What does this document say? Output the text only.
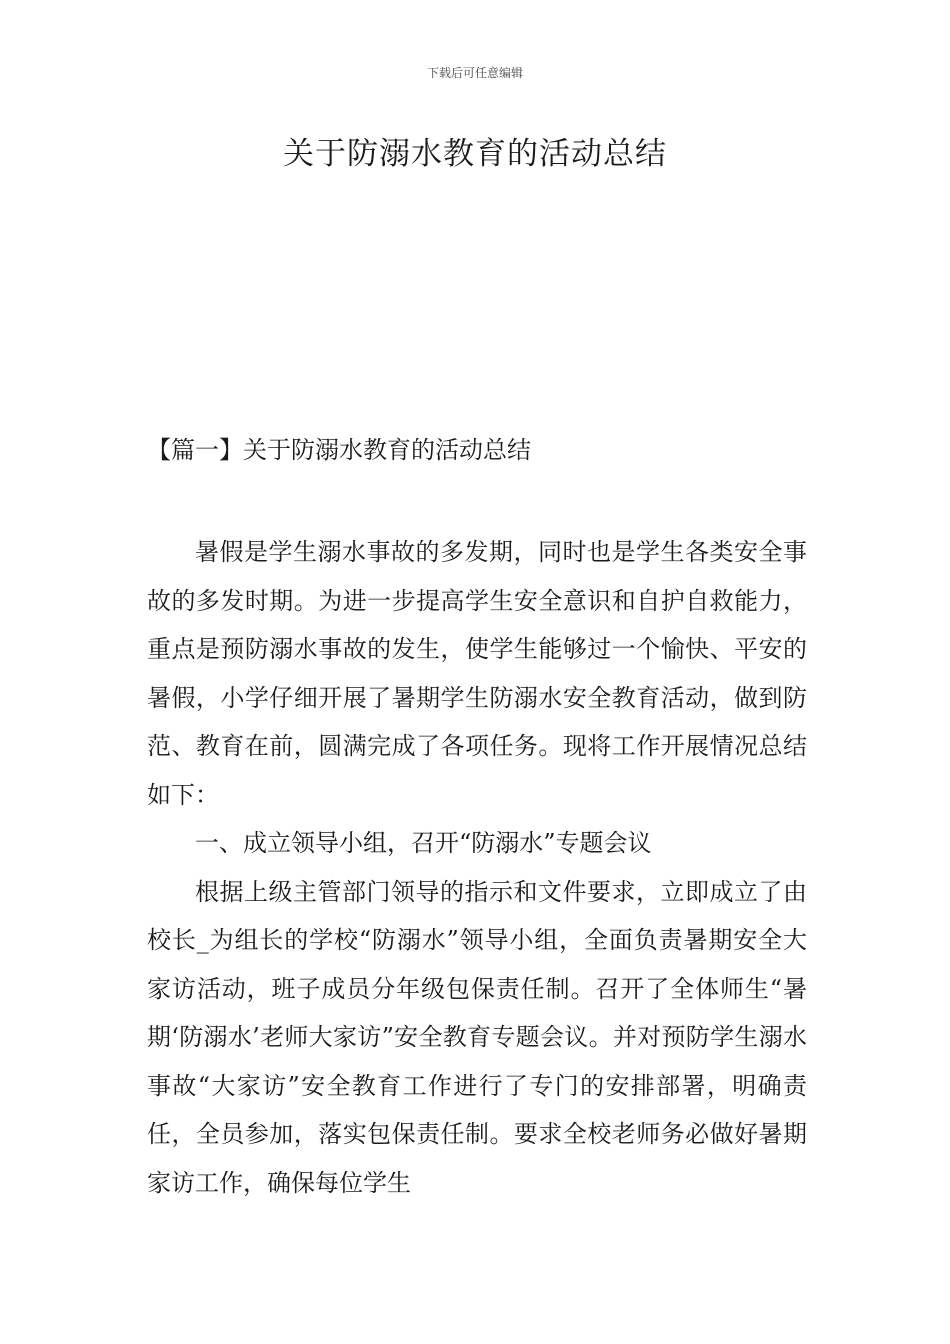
下载后可任意编辑
关于防溺水教育的活动总结
【篇一】关于防溺水教育的活动总结

暑假是学生溺水事故的多发期，同时也是学生各类安全事故的多发时期。为进一步提高学生安全意识和自护自救能力，重点是预防溺水事故的发生，使学生能够过一个愉快、平安的暑假，小学仔细开展了暑期学生防溺水安全教育活动，做到防范、教育在前，圆满完成了各项任务。现将工作开展情况总结如下：

一、成立领导小组，召开“防溺水”专题会议

根据上级主管部门领导的指示和文件要求，立即成立了由校长_为组长的学校“防溺水”领导小组，全面负责暑期安全大家访活动，班子成员分年级包保责任制。召开了全体师生“暑期‘防溺水’老师大家访”安全教育专题会议。并对预防学生溺水事故“大家访”安全教育工作进行了专门的安排部署，明确责任，全员参加，落实包保责任制。要求全校老师务必做好暑期家访工作，确保每位学生
